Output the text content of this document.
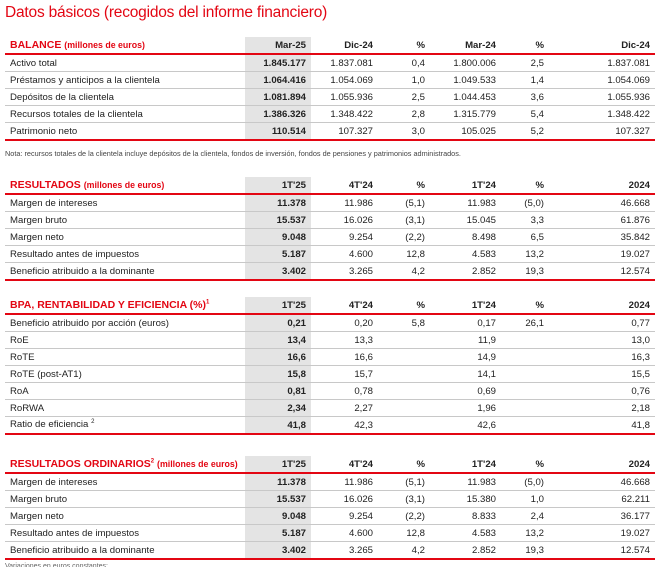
Datos básicos (recogidos del informe financiero)
BALANCE (millones de euros)	Mar-25	Dic-24	%	Mar-24	%	Dic-24
Activo total	1.845.177	1.837.081	0,4	1.800.006	2,5	1.837.081
Préstamos y anticipos a la clientela	1.064.416	1.054.069	1,0	1.049.533	1,4	1.054.069
Depósitos de la clientela	1.081.894	1.055.936	2,5	1.044.453	3,6	1.055.936
Recursos totales de la clientela	1.386.326	1.348.422	2,8	1.315.779	5,4	1.348.422
Patrimonio neto	110.514	107.327	3,0	105.025	5,2	107.327
Nota: recursos totales de la clientela incluye depósitos de la clientela, fondos de inversión, fondos de pensiones y patrimonios administrados.
RESULTADOS (millones de euros)	1T'25	4T'24	%	1T'24	%	2024
Margen de intereses	11.378	11.986	(5,1)	11.983	(5,0)	46.668
Margen bruto	15.537	16.026	(3,1)	15.045	3,3	61.876
Margen neto	9.048	9.254	(2,2)	8.498	6,5	35.842
Resultado antes de impuestos	5.187	4.600	12,8	4.583	13,2	19.027
Beneficio atribuido a la dominante	3.402	3.265	4,2	2.852	19,3	12.574
BPA, RENTABILIDAD Y EFICIENCIA (%)$^1$	1T'25	4T'24	%	1T'24	%	2024
Beneficio atribuido por acción (euros)	0,21	0,20	5,8	0,17	26,1	0,77
RoE	13,4	13,3		11,9		13,0
RoTE	16,6	16,6		14,9		16,3
RoTE (post-AT1)	15,8	15,7		14,1		15,5
RoA	0,81	0,78		0,69		0,76
RoRWA	2,34	2,27		1,96		2,18
Ratio de eficiencia $^2$	41,8	42,3		42,6		41,8
RESULTADOS ORDINARIOS$^2$ (millones de euros)	1T'25	4T'24	%	1T'24	%	2024
Margen de intereses	11.378	11.986	(5,1)	11.983	(5,0)	46.668
Margen bruto	15.537	16.026	(3,1)	15.380	1,0	62.211
Margen neto	9.048	9.254	(2,2)	8.833	2,4	36.177
Resultado antes de impuestos	5.187	4.600	12,8	4.583	13,2	19.027
Beneficio atribuido a la dominante	3.402	3.265	4,2	2.852	19,3	12.574
Variaciones en euros constantes:
